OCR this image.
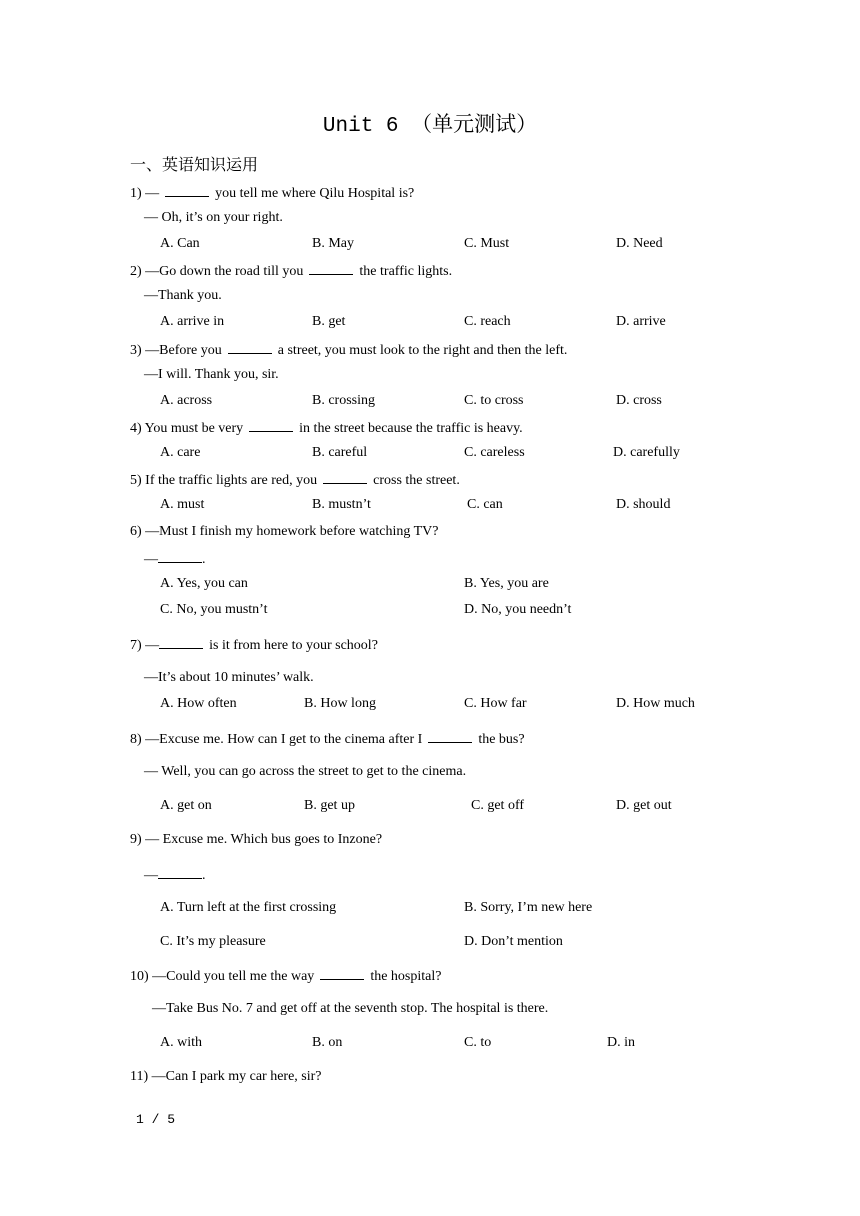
Unit 6 （单元测试）
一、英语知识运用
1) —	you tell me where Qilu Hospital is?
— Oh, it’s on your right.
A. Can	B. May	C. Must	D. Need
2) —Go down the road till you	the traffic lights.
—Thank you.
A. arrive in	B. get	C. reach	D. arrive
3) —Before you	a street, you must look to the right and then the left.
—I will. Thank you, sir.
A. across	B. crossing	C. to cross	D. cross
4) You must be very	in the street because the traffic is heavy.
A. care	B. careful	C. careless	D. carefully
5) If the traffic lights are red, you	cross the street.
A. must	B. mustn’t	C. can	D. should
6) —Must I finish my homework before watching TV?
—	.
A. Yes, you can	B. Yes, you are
C. No, you mustn’t	D. No, you needn’t
7) —	is it from here to your school?
—It’s about 10 minutes’ walk.
A. How often	B. How long	C. How far	D. How much
8) —Excuse me. How can I get to the cinema after I	the bus?
— Well, you can go across the street to get to the cinema.
A. get on	B. get up	C. get off	D. get out
9) — Excuse me. Which bus goes to Inzone?
—	.
A. Turn left at the first crossing	B. Sorry, I’m new here
C. It’s my pleasure	D. Don’t mention
10) —Could you tell me the way	the hospital?
—Take Bus No. 7 and get off at the seventh stop. The hospital is there.
A. with	B. on	C. to	D. in
11) —Can I park my car here, sir?
1 / 5
